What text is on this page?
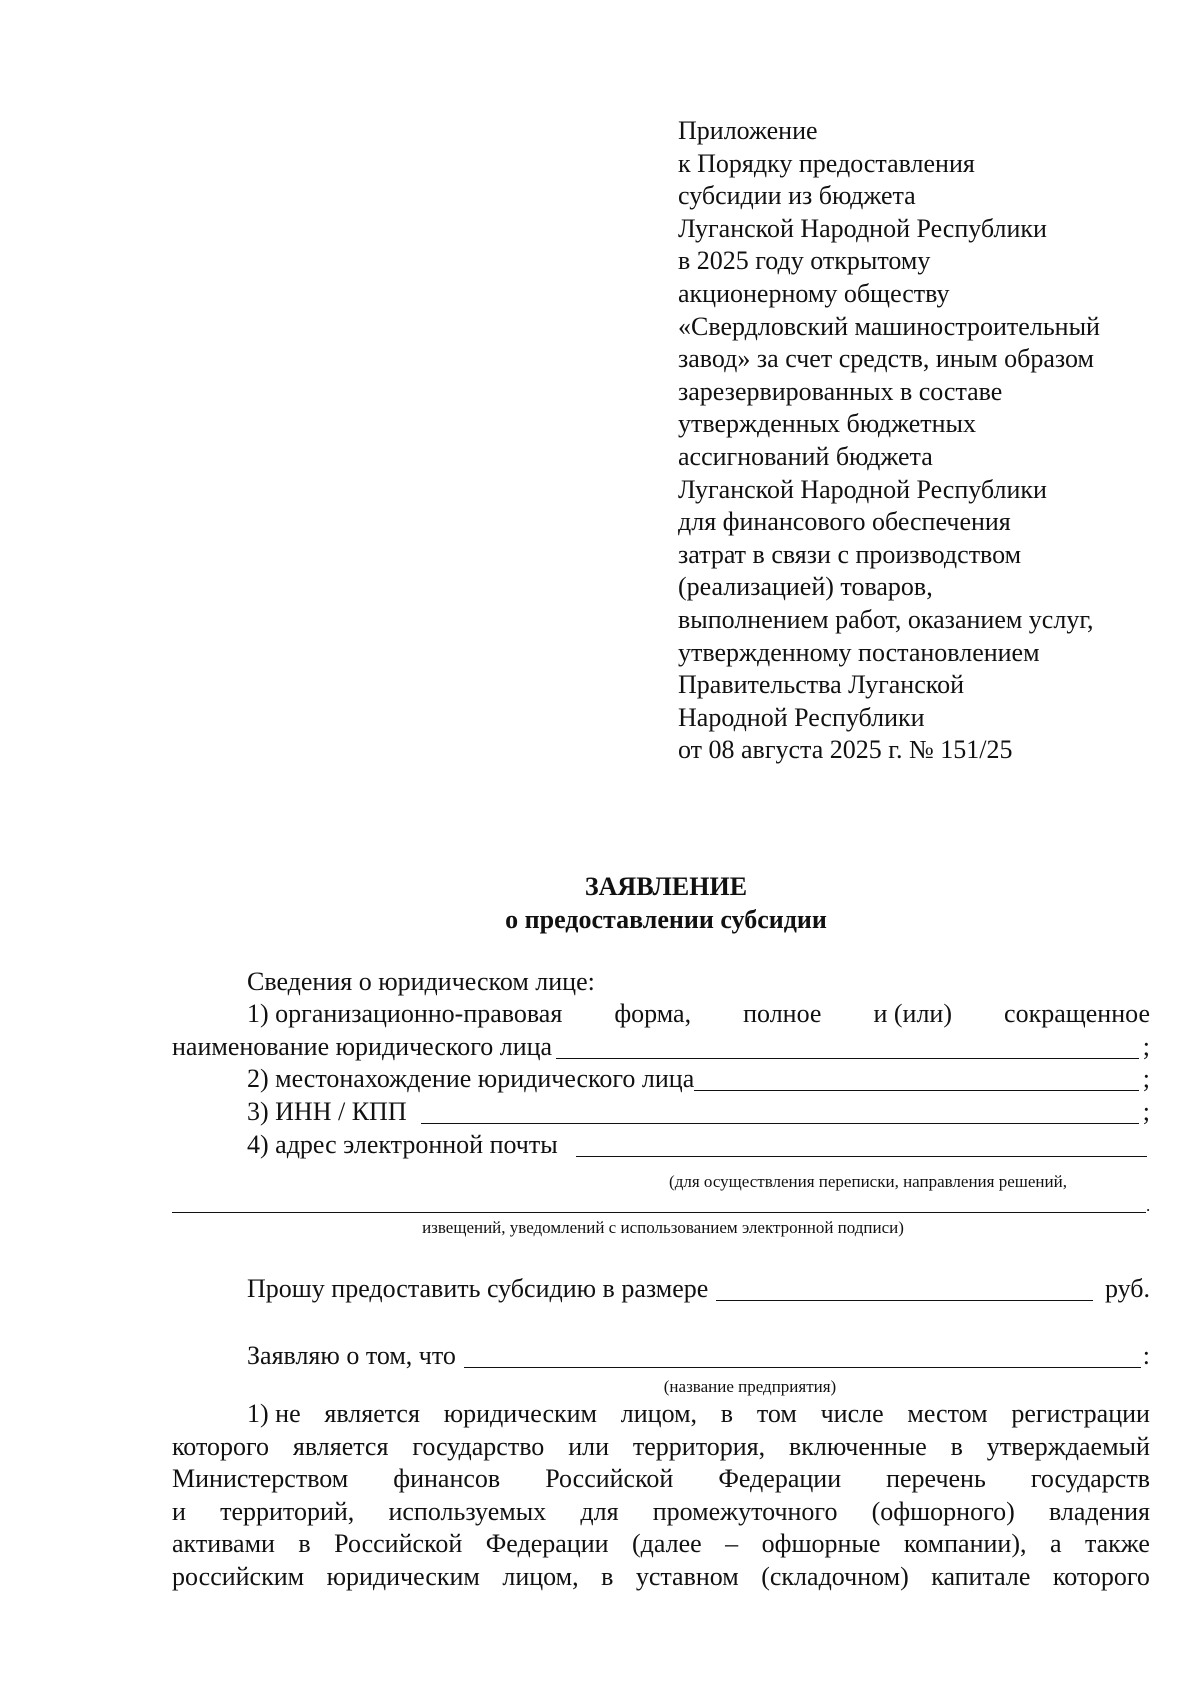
Приложение
к Порядку предоставления
субсидии из бюджета
Луганской Народной Республики
в 2025 году открытому
акционерному обществу
«Свердловский машиностроительный
завод» за счет средств, иным образом
зарезервированных в составе
утвержденных бюджетных
ассигнований бюджета
Луганской Народной Республики
для финансового обеспечения
затрат в связи с производством
(реализацией) товаров,
выполнением работ, оказанием услуг,
утвержденному постановлением
Правительства Луганской
Народной Республики
от 08 августа 2025 г. № 151/25
ЗАЯВЛЕНИЕ
о предоставлении субсидии
Сведения о юридическом лице:
1) организационно-правовая форма, полное и (или) сокращенное
наименование юридического лица	;
2) местонахождение юридического лица	;
3) ИНН / КПП	;
4) адрес электронной почты
(для осуществления переписки, направления решений,
.
извещений, уведомлений с использованием электронной подписи)
Прошу предоставить субсидию в размере	руб.
Заявляю о том, что	:
(название предприятия)
1) не является юридическим лицом, в том числе местом регистрации
которого является государство или территория, включенные в утверждаемый
Министерством финансов Российской Федерации перечень государств
и территорий, используемых для промежуточного (офшорного) владения
активами в Российской Федерации (далее – офшорные компании), а также
российским юридическим лицом, в уставном (складочном) капитале которого
